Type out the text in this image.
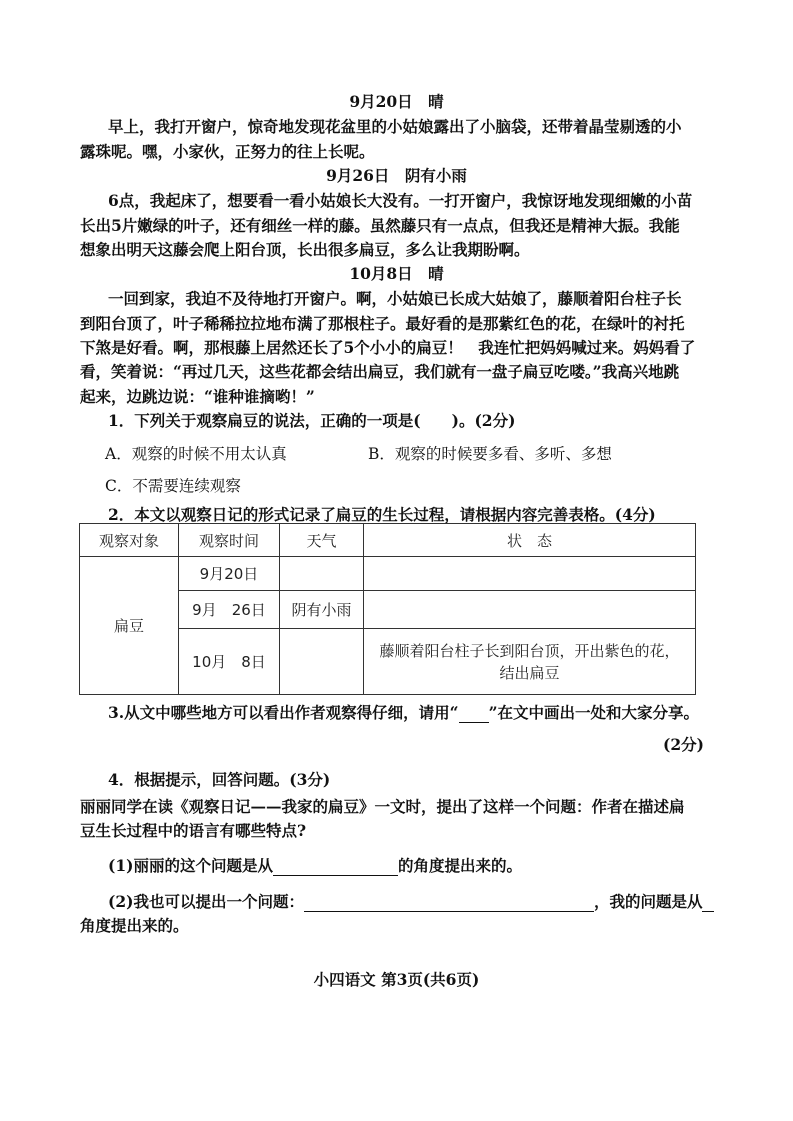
9月20日　晴
早上，我打开窗户，惊奇地发现花盆里的小姑娘露出了小脑袋，还带着晶莹剔透的小
露珠呢。嘿，小家伙，正努力的往上长呢。
9月26日　阴有小雨
6点，我起床了，想要看一看小姑娘长大没有。一打开窗户，我惊讶地发现细嫩的小苗
长出5片嫩绿的叶子，还有细丝一样的藤。虽然藤只有一点点，但我还是精神大振。我能
想象出明天这藤会爬上阳台顶，长出很多扁豆，多么让我期盼啊。
10月8日　晴
一回到家，我迫不及待地打开窗户。啊，小姑娘已长成大姑娘了，藤顺着阳台柱子长
到阳台顶了，叶子稀稀拉拉地布满了那根柱子。最好看的是那紫红色的花，在绿叶的衬托
下煞是好看。啊，那根藤上居然还长了5个小小的扁豆！　我连忙把妈妈喊过来。妈妈看了
看，笑着说：“再过几天，这些花都会结出扁豆，我们就有一盘子扁豆吃喽。”我高兴地跳
起来，边跳边说：“谁种谁摘哟！”
1．下列关于观察扁豆的说法，正确的一项是(　　)。(2分)
A．观察的时候不用太认真	B．观察的时候要多看、多听、多想
C．不需要连续观察
2．本文以观察日记的形式记录了扁豆的生长过程，请根据内容完善表格。(4分)
观察对象	观察时间	天气	状　态
扁豆	9月20日		
	9月　26日	阴有小雨	
	10月　8日		藤顺着阳台柱子长到阳台顶，开出紫色的花，
结出扁豆
3.从文中哪些地方可以看出作者观察得仔细，请用“ ”在文中画出一处和大家分享。
(2分)
4．根据提示，回答问题。(3分)
丽丽同学在读《观察日记——我家的扁豆》一文时，提出了这样一个问题：作者在描述扁
豆生长过程中的语言有哪些特点?
(1)丽丽的这个问题是从	的角度提出来的。
(2)我也可以提出一个问题：	，我的问题是从
角度提出来的。
小四语文 第3页(共6页)
